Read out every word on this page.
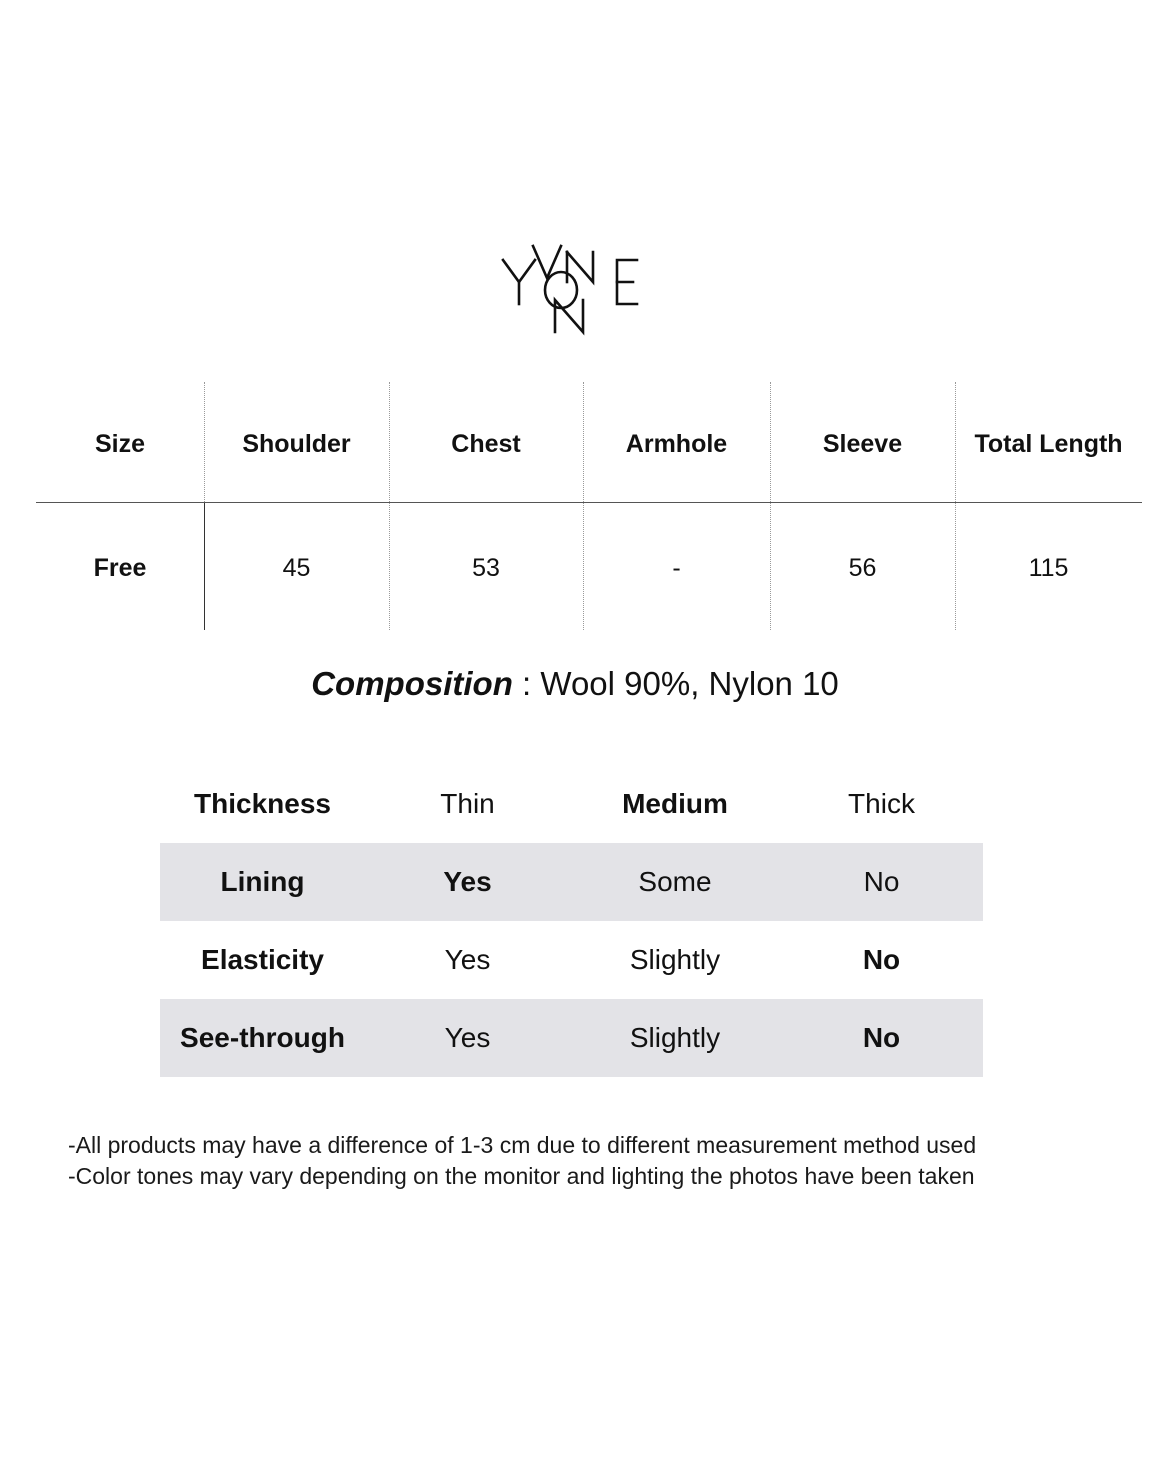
Size	Shoulder	Chest	Armhole	Sleeve	Total Length
Free	45	53	-	56	115
Composition : Wool 90%, Nylon 10
Thickness	Thin	Medium	Thick
Lining	Yes	Some	No
Elasticity	Yes	Slightly	No
See-through	Yes	Slightly	No
-All products may have a difference of 1-3 cm due to different measurement method used
-Color tones may vary depending on the monitor and lighting the photos have been taken
